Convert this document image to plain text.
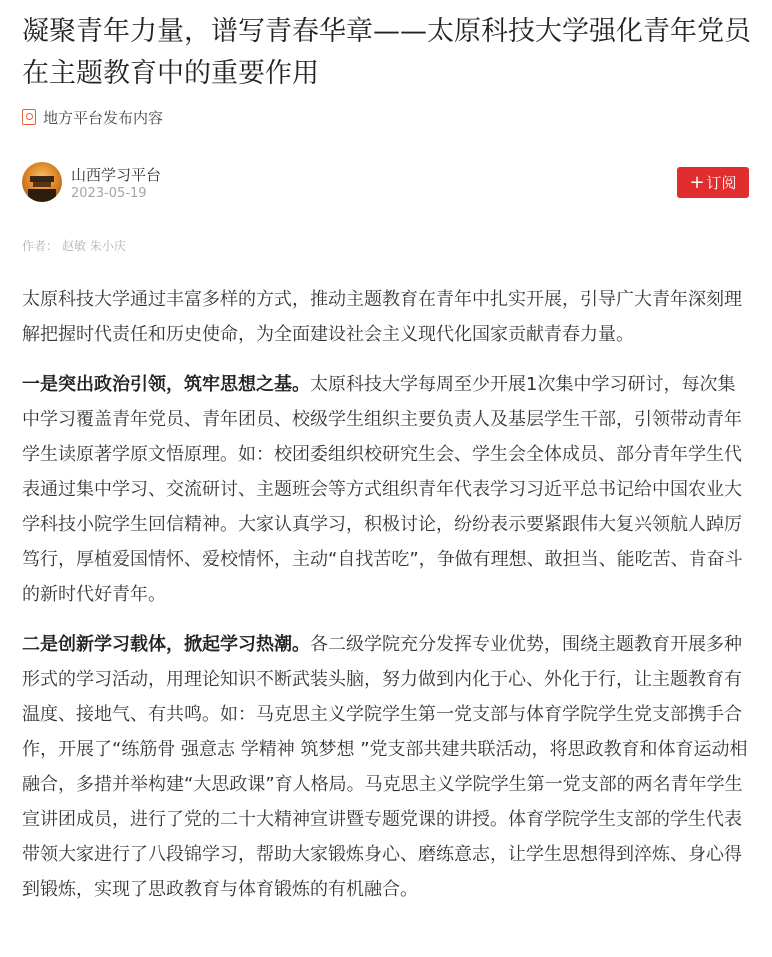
凝聚青年力量，谱写青春华章——太原科技大学强化青年党员在主题教育中的重要作用
地方平台发布内容
山西学习平台
2023-05-19
+ 订阅
作者： 赵敏 朱小庆

太原科技大学通过丰富多样的方式，推动主题教育在青年中扎实开展，引导广大青年深刻理解把握时代责任和历史使命，为全面建设社会主义现代化国家贡献青春力量。

一是突出政治引领，筑牢思想之基。太原科技大学每周至少开展1次集中学习研讨，每次集中学习覆盖青年党员、青年团员、校级学生组织主要负责人及基层学生干部，引领带动青年学生读原著学原文悟原理。如：校团委组织校研究生会、学生会全体成员、部分青年学生代表通过集中学习、交流研讨、主题班会等方式组织青年代表学习习近平总书记给中国农业大学科技小院学生回信精神。大家认真学习，积极讨论，纷纷表示要紧跟伟大复兴领航人踔厉笃行，厚植爱国情怀、爱校情怀，主动“自找苦吃”，争做有理想、敢担当、能吃苦、肯奋斗的新时代好青年。

二是创新学习载体，掀起学习热潮。各二级学院充分发挥专业优势，围绕主题教育开展多种形式的学习活动，用理论知识不断武装头脑，努力做到内化于心、外化于行，让主题教育有温度、接地气、有共鸣。如：马克思主义学院学生第一党支部与体育学院学生党支部携手合作，开展了“练筋骨 强意志 学精神 筑梦想 ”党支部共建共联活动，将思政教育和体育运动相融合，多措并举构建“大思政课”育人格局。马克思主义学院学生第一党支部的两名青年学生宣讲团成员，进行了党的二十大精神宣讲暨专题党课的讲授。体育学院学生支部的学生代表带领大家进行了八段锦学习，帮助大家锻炼身心、磨练意志，让学生思想得到淬炼、身心得到锻炼，实现了思政教育与体育锻炼的有机融合。
